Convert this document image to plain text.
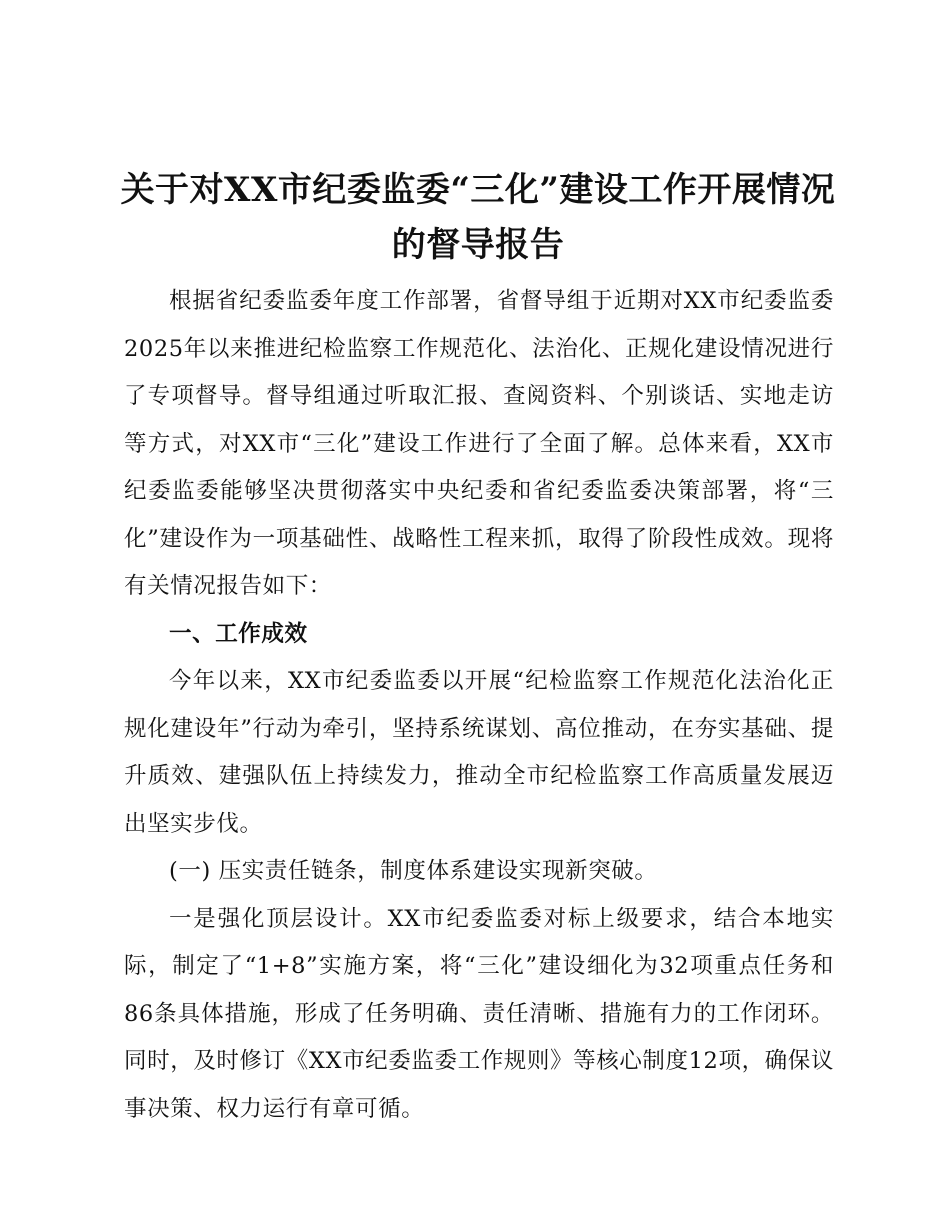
关于对XX市纪委监委“三化”建设工作开展情况的督导报告

根据省纪委监委年度工作部署，省督导组于近期对XX市纪委监委2025年以来推进纪检监察工作规范化、法治化、正规化建设情况进行了专项督导。督导组通过听取汇报、查阅资料、个别谈话、实地走访等方式，对XX市“三化”建设工作进行了全面了解。总体来看，XX市纪委监委能够坚决贯彻落实中央纪委和省纪委监委决策部署，将“三化”建设作为一项基础性、战略性工程来抓，取得了阶段性成效。现将有关情况报告如下：

一、工作成效

今年以来，XX市纪委监委以开展“纪检监察工作规范化法治化正规化建设年”行动为牵引，坚持系统谋划、高位推动，在夯实基础、提升质效、建强队伍上持续发力，推动全市纪检监察工作高质量发展迈出坚实步伐。

(一) 压实责任链条，制度体系建设实现新突破。

一是强化顶层设计。XX市纪委监委对标上级要求，结合本地实际，制定了“1+8”实施方案，将“三化”建设细化为32项重点任务和86条具体措施，形成了任务明确、责任清晰、措施有力的工作闭环。同时，及时修订《XX市纪委监委工作规则》等核心制度12项，确保议事决策、权力运行有章可循。
